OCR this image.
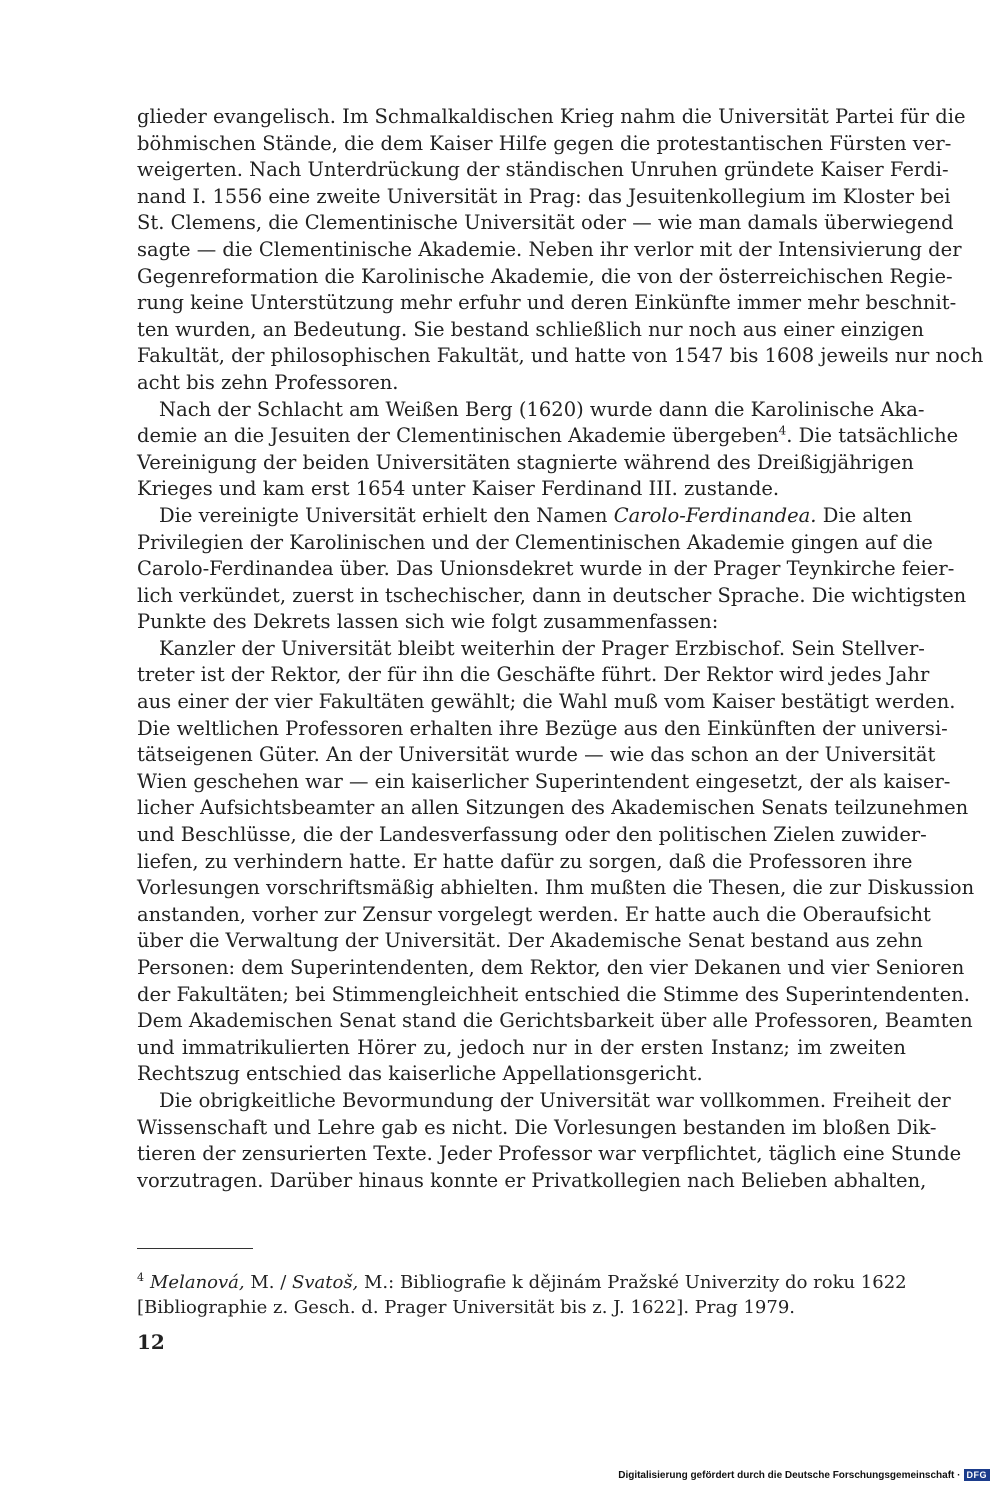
glieder evangelisch. Im Schmalkaldischen Krieg nahm die Universität Partei für die
böhmischen Stände, die dem Kaiser Hilfe gegen die protestantischen Fürsten ver-
weigerten. Nach Unterdrückung der ständischen Unruhen gründete Kaiser Ferdi-
nand I. 1556 eine zweite Universität in Prag: das Jesuitenkollegium im Kloster bei
St. Clemens, die Clementinische Universität oder — wie man damals überwiegend
sagte — die Clementinische Akademie. Neben ihr verlor mit der Intensivierung der
Gegenreformation die Karolinische Akademie, die von der österreichischen Regie-
rung keine Unterstützung mehr erfuhr und deren Einkünfte immer mehr beschnit-
ten wurden, an Bedeutung. Sie bestand schließlich nur noch aus einer einzigen
Fakultät, der philosophischen Fakultät, und hatte von 1547 bis 1608 jeweils nur noch
acht bis zehn Professoren.
Nach der Schlacht am Weißen Berg (1620) wurde dann die Karolinische Aka-
demie an die Jesuiten der Clementinischen Akademie übergeben$^4$. Die tatsächliche
Vereinigung der beiden Universitäten stagnierte während des Dreißigjährigen
Krieges und kam erst 1654 unter Kaiser Ferdinand III. zustande.
Die vereinigte Universität erhielt den Namen Carolo-Ferdinandea. Die alten
Privilegien der Karolinischen und der Clementinischen Akademie gingen auf die
Carolo-Ferdinandea über. Das Unionsdekret wurde in der Prager Teynkirche feier-
lich verkündet, zuerst in tschechischer, dann in deutscher Sprache. Die wichtigsten
Punkte des Dekrets lassen sich wie folgt zusammenfassen:
Kanzler der Universität bleibt weiterhin der Prager Erzbischof. Sein Stellver-
treter ist der Rektor, der für ihn die Geschäfte führt. Der Rektor wird jedes Jahr
aus einer der vier Fakultäten gewählt; die Wahl muß vom Kaiser bestätigt werden.
Die weltlichen Professoren erhalten ihre Bezüge aus den Einkünften der universi-
tätseigenen Güter. An der Universität wurde — wie das schon an der Universität
Wien geschehen war — ein kaiserlicher Superintendent eingesetzt, der als kaiser-
licher Aufsichtsbeamter an allen Sitzungen des Akademischen Senats teilzunehmen
und Beschlüsse, die der Landesverfassung oder den politischen Zielen zuwider-
liefen, zu verhindern hatte. Er hatte dafür zu sorgen, daß die Professoren ihre
Vorlesungen vorschriftsmäßig abhielten. Ihm mußten die Thesen, die zur Diskussion
anstanden, vorher zur Zensur vorgelegt werden. Er hatte auch die Oberaufsicht
über die Verwaltung der Universität. Der Akademische Senat bestand aus zehn
Personen: dem Superintendenten, dem Rektor, den vier Dekanen und vier Senioren
der Fakultäten; bei Stimmengleichheit entschied die Stimme des Superintendenten.
Dem Akademischen Senat stand die Gerichtsbarkeit über alle Professoren, Beamten
und immatrikulierten Hörer zu, jedoch nur in der ersten Instanz; im zweiten
Rechtszug entschied das kaiserliche Appellationsgericht.
Die obrigkeitliche Bevormundung der Universität war vollkommen. Freiheit der
Wissenschaft und Lehre gab es nicht. Die Vorlesungen bestanden im bloßen Dik-
tieren der zensurierten Texte. Jeder Professor war verpflichtet, täglich eine Stunde
vorzutragen. Darüber hinaus konnte er Privatkollegien nach Belieben abhalten,
$^4$ Melanová, M. / Svatoš, M.: Bibliografie k dějinám Pražské Univerzity do roku 1622
[Bibliographie z. Gesch. d. Prager Universität bis z. J. 1622]. Prag 1979.
12
Digitalisierung gefördert durch die Deutsche Forschungsgemeinschaft · DFG
